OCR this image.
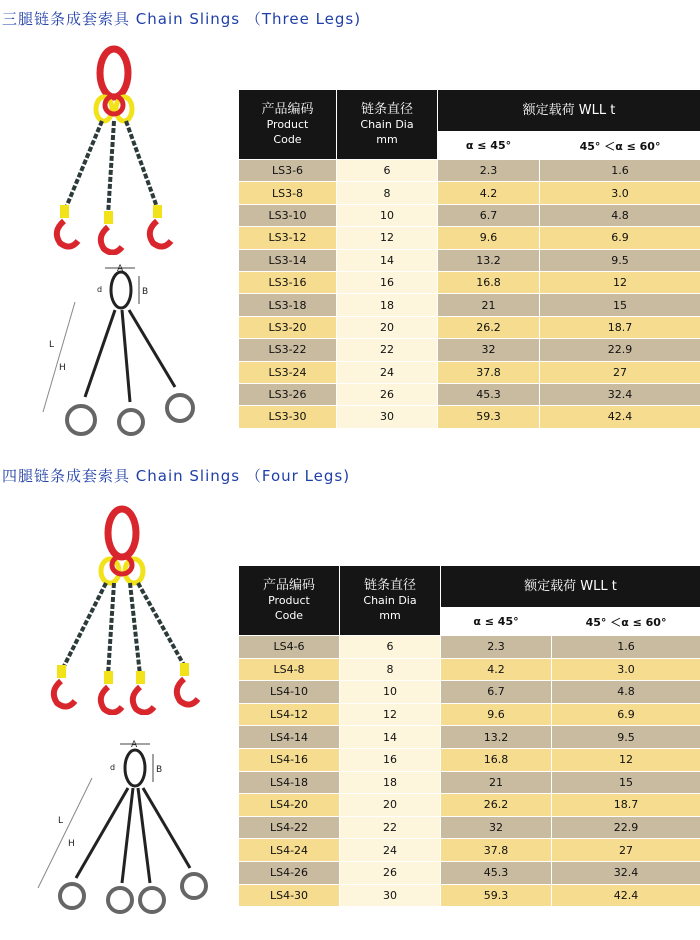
三腿链条成套索具 Chain Slings （Three Legs)
A
B
d
L
H
产品编码
Product
Code	链条直径
Chain Dia
mm	额定载荷 WLL t	
		α ≤ 45°	45° ＜α ≤ 60°
LS3-6	6	2.3	1.6
LS3-8	8	4.2	3.0
LS3-10	10	6.7	4.8
LS3-12	12	9.6	6.9
LS3-14	14	13.2	9.5
LS3-16	16	16.8	12
LS3-18	18	21	15
LS3-20	20	26.2	18.7
LS3-22	22	32	22.9
LS3-24	24	37.8	27
LS3-26	26	45.3	32.4
LS3-30	30	59.3	42.4
四腿链条成套索具 Chain Slings （Four Legs)
A
B
d
L
H
产品编码
Product
Code	链条直径
Chain Dia
mm	额定载荷 WLL t	
		α ≤ 45°	45° ＜α ≤ 60°
LS4-6	6	2.3	1.6
LS4-8	8	4.2	3.0
LS4-10	10	6.7	4.8
LS4-12	12	9.6	6.9
LS4-14	14	13.2	9.5
LS4-16	16	16.8	12
LS4-18	18	21	15
LS4-20	20	26.2	18.7
LS4-22	22	32	22.9
LS4-24	24	37.8	27
LS4-26	26	45.3	32.4
LS4-30	30	59.3	42.4
